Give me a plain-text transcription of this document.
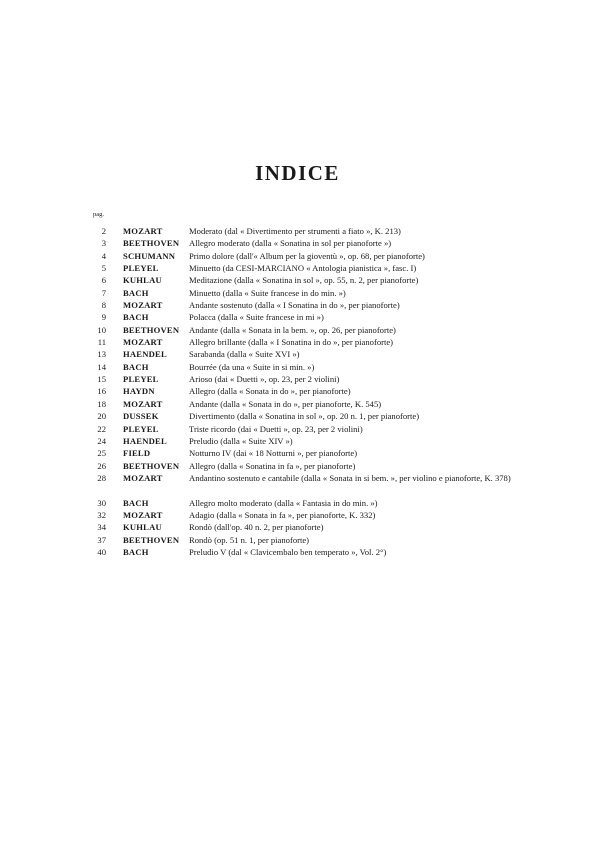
INDICE
pag.
2 MOZART	Moderato (dal « Divertimento per strumenti a fiato », K. 213)

3 BEETHOVEN Allegro moderato (dalla « Sonatina in sol per pianoforte »)

4 SCHUMANN Primo dolore (dall'« Album per la gioventù », op. 68, per pianoforte)

5 PLEYEL	Minuetto (da CESI-MARCIANO « Antologia pianistica », fasc. I)

6 KUHLAU	Meditazione (dalla « Sonatina in sol », op. 55, n. 2, per pianoforte)

7 BACH	Minuetto (dalla « Suite francese in do min. »)

8 MOZART	Andante sostenuto (dalla « I Sonatina in do », per pianoforte)

9 BACH	Polacca (dalla « Suite francese in mi »)

10 BEETHOVEN Andante (dalla « Sonata in la bem. », op. 26, per pianoforte)

11 MOZART	Allegro brillante (dalla « I Sonatina in do », per pianoforte)

13 HAENDEL	Sarabanda (dalla « Suite XVI »)

14 BACH	Bourrée (da una « Suite in si min. »)

15 PLEYEL	Arioso (dai « Duetti », op. 23, per 2 violini)

16 HAYDN	Allegro (dalla « Sonata in do », per pianoforte)

18 MOZART	Andante (dalla « Sonata in do », per pianoforte, K. 545)

20 DUSSEK	Divertimento (dalla « Sonatina in sol », op. 20 n. 1, per pianoforte)

22 PLEYEL	Triste ricordo (dai « Duetti », op. 23, per 2 violini)

24 HAENDEL	Preludio (dalla « Suite XIV »)

25 FIELD	Notturno IV (dai « 18 Notturni », per pianoforte)

26 BEETHOVEN Allegro (dalla « Sonatina in fa », per pianoforte)

28 MOZART	Andantino sostenuto e cantabile (dalla « Sonata in si bem. », per violino e pianoforte, K. 378)

30 BACH	Allegro molto moderato (dalla « Fantasia in do min. »)

32 MOZART	Adagio (dalla « Sonata in fa », per pianoforte, K. 332)

34 KUHLAU	Rondò (dall'op. 40 n. 2, per pianoforte)

37 BEETHOVEN Rondò (op. 51 n. 1, per pianoforte)

40 BACH	Preludio V (dal « Clavicembalo ben temperato », Vol. 2°)
